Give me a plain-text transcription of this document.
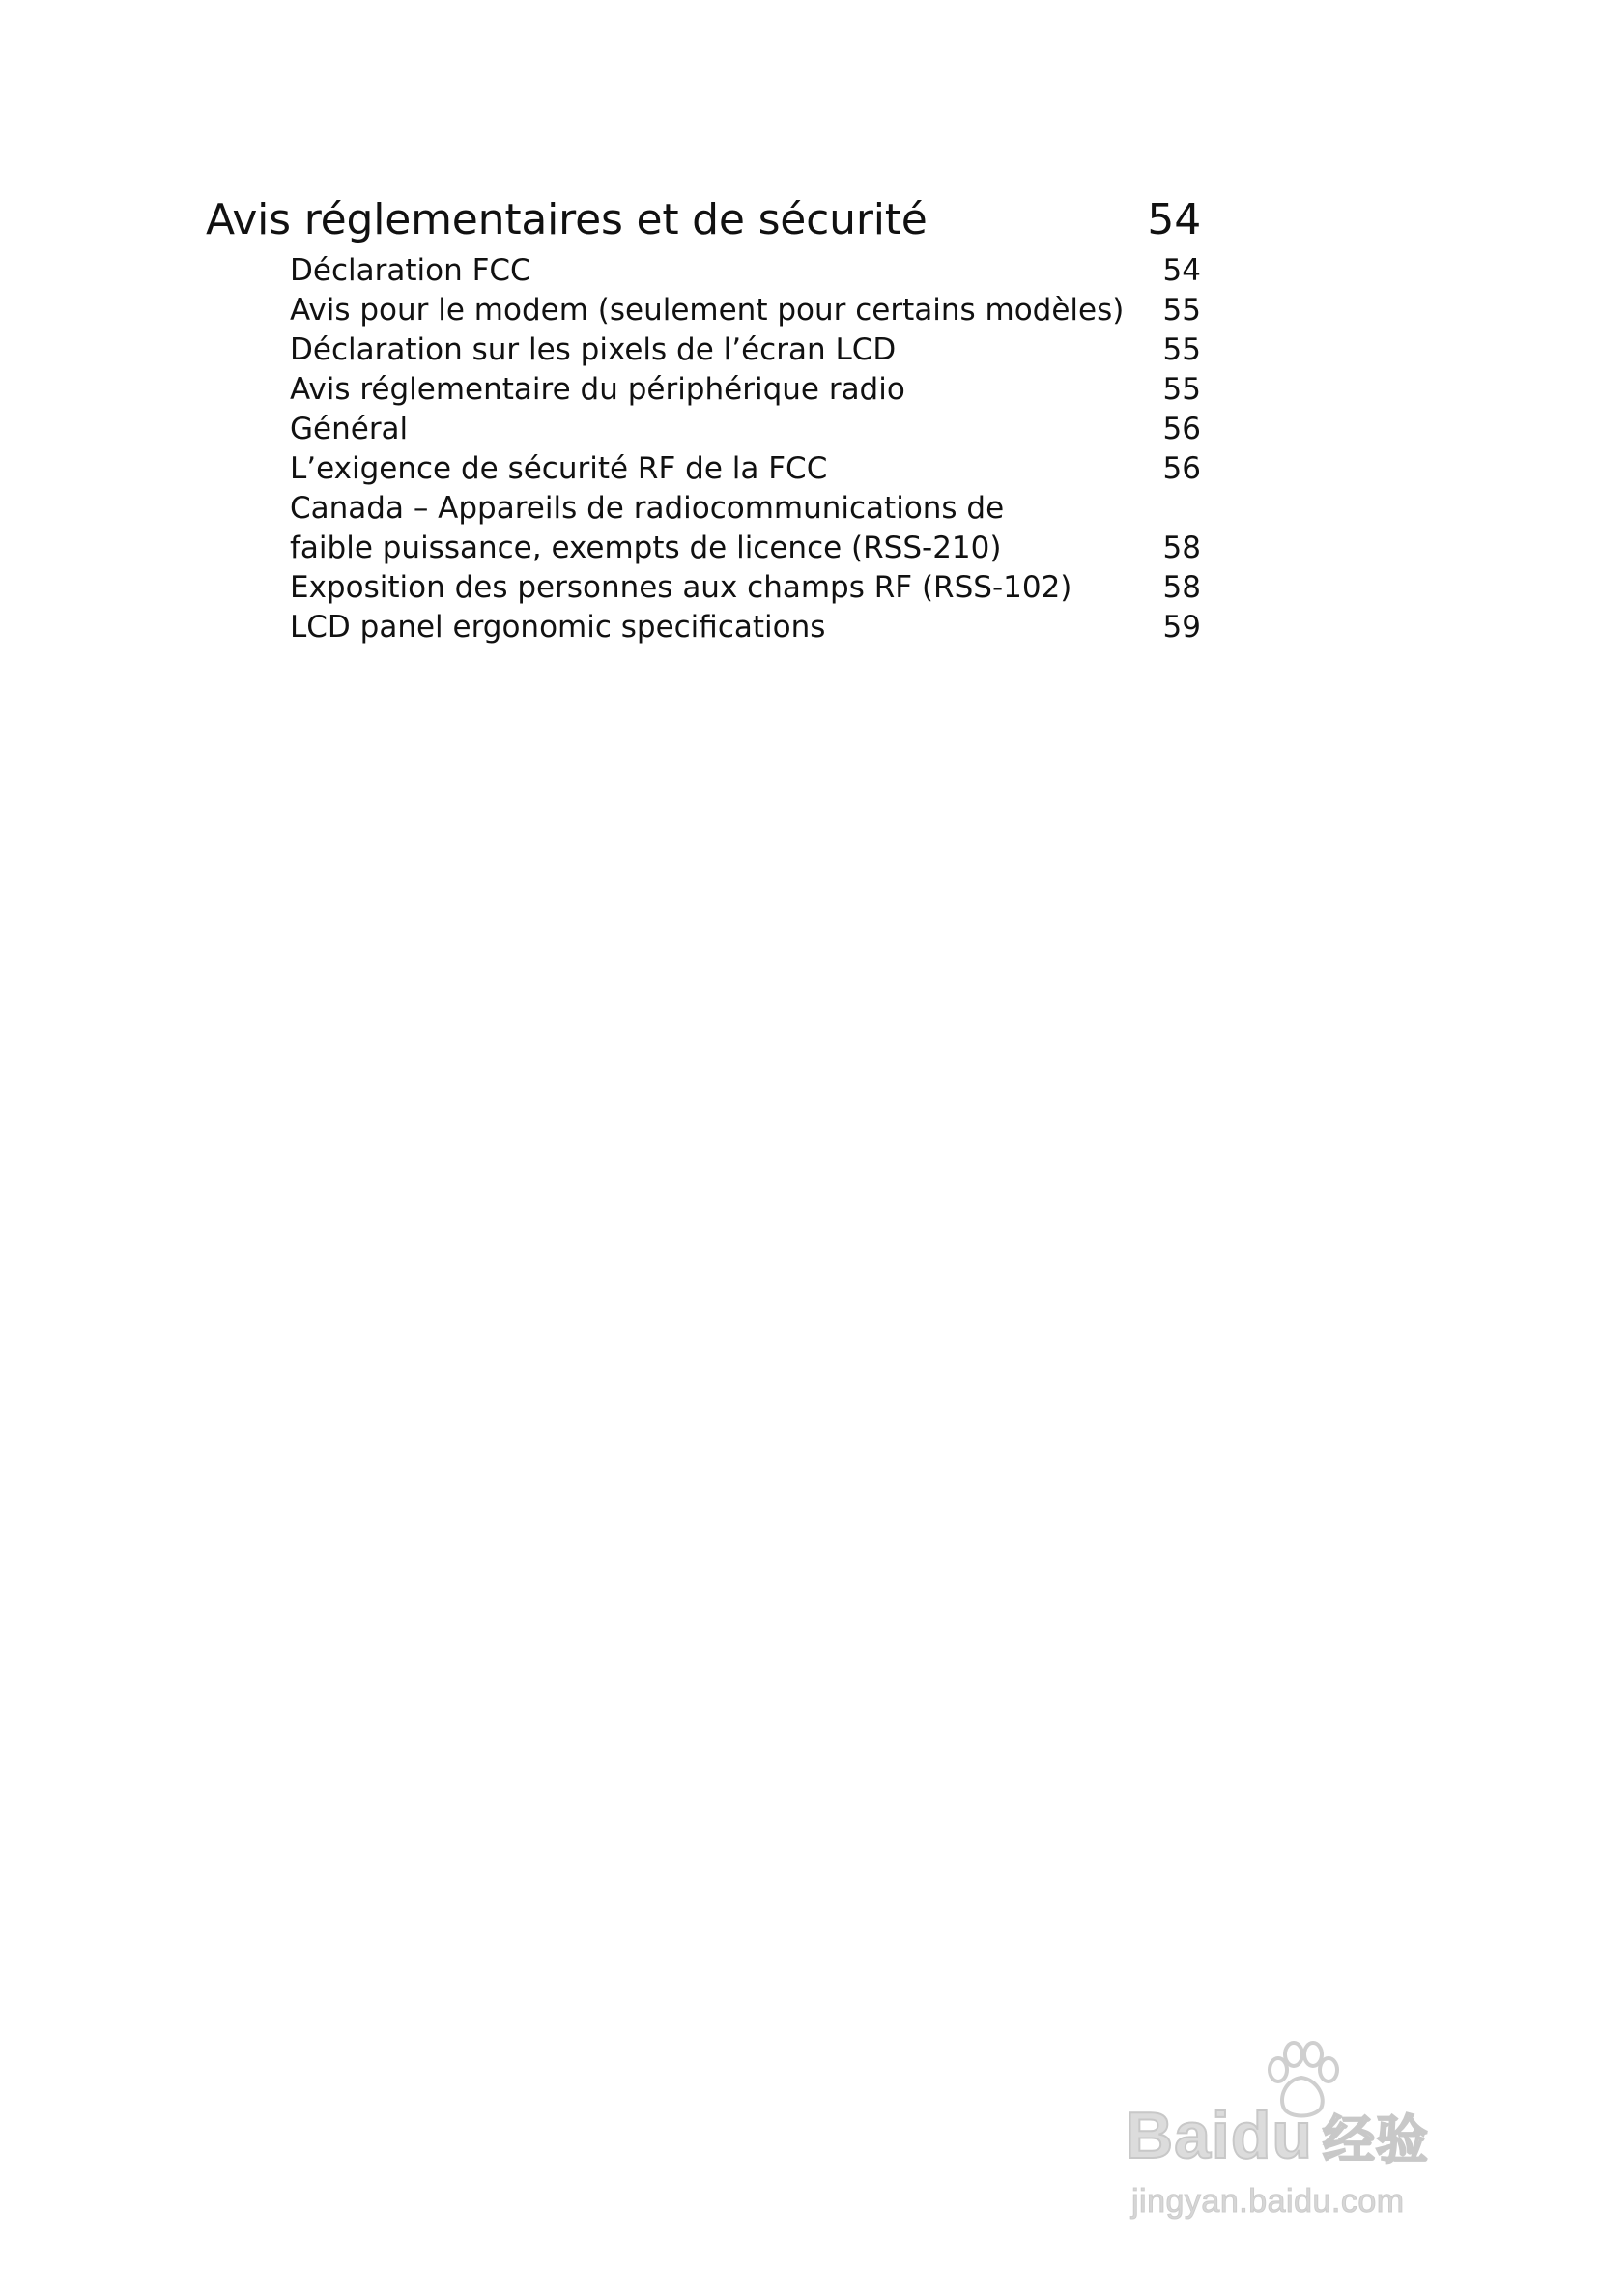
Avis réglementaires et de sécurité	54
Déclaration FCC	54
Avis pour le modem (seulement pour certains modèles) 55
Déclaration sur les pixels de l’écran LCD	55
Avis réglementaire du périphérique radio	55
Général	56
L’exigence de sécurité RF de la FCC	56
Canada – Appareils de radiocommunications de
faible puissance, exempts de licence (RSS-210)	58
Exposition des personnes aux champs RF (RSS-102)	58
LCD panel ergonomic specifications	59
Baidu 经验
jingyan.baidu.com
